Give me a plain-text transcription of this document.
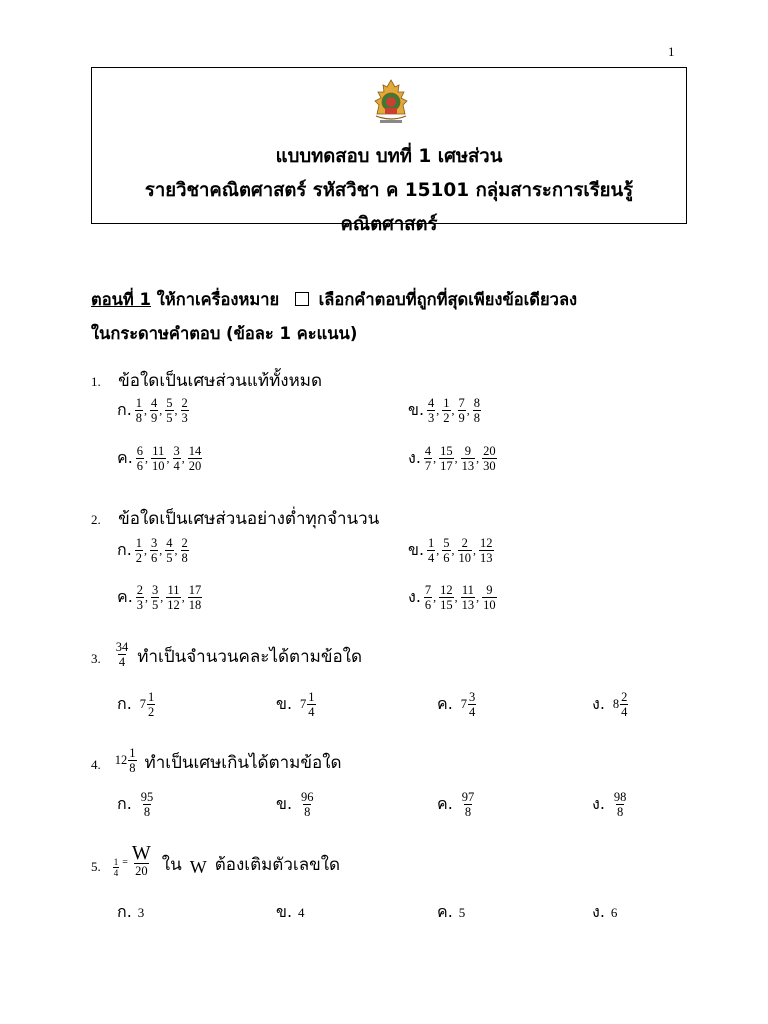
1
แบบทดสอบ บทที่ 1 เศษส่วน
รายวิชาคณิตศาสตร์ รหัสวิชา ค 15101 กลุ่มสาระการเรียนรู้
คณิตศาสตร์
ตอนที่ 1 ให้กาเครื่องหมาย เลือกคำตอบที่ถูกที่สุดเพียงข้อเดียวลง
ในกระดาษคำตอบ (ข้อละ 1 คะแนน)
1. ข้อใดเป็นเศษส่วนแท้ทั้งหมด
ก. $\frac{1}{8}$ , $\frac{4}{9}$ , $\frac{5}{5}$ , $\frac{2}{3}$	ข. $\frac{4}{3}$ , $\frac{1}{2}$ , $\frac{7}{9}$ , $\frac{8}{8}$
ค. $\frac{6}{6}$ , $\frac{11}{10}$ , $\frac{3}{4}$ , $\frac{14}{20}$	ง. $\frac{4}{7}$ , $\frac{15}{17}$ , $\frac{9}{13}$ , $\frac{20}{30}$
2. ข้อใดเป็นเศษส่วนอย่างต่ำทุกจำนวน
ก. $\frac{1}{2}$ , $\frac{3}{6}$ , $\frac{4}{5}$ , $\frac{2}{8}$	ข. $\frac{1}{4}$ , $\frac{5}{6}$ , $\frac{2}{10}$ , $\frac{12}{13}$
ค. $\frac{2}{3}$ , $\frac{3}{5}$ , $\frac{11}{12}$ , $\frac{17}{18}$	ง. $\frac{7}{6}$ , $\frac{12}{15}$ , $\frac{11}{13}$ , $\frac{9}{10}$
3. $\frac{34}{4}$ ทำเป็นจำนวนคละได้ตามข้อใด
ก. $7 \frac{1}{2}$	ข. $7 \frac{1}{4}$	ค. $7 \frac{3}{4}$	ง. $8 \frac{2}{4}$
4. $12 \frac{1}{8}$ ทำเป็นเศษเกินได้ตามข้อใด
ก. $\frac{95}{8}$	ข. $\frac{96}{8}$	ค. $\frac{97}{8}$	ง. $\frac{98}{8}$
5. $\frac{1}{4} = \frac{W}{20}$ ใน W ต้องเติมตัวเลขใด
ก. 3	ข. 4	ค. 5	ง. 6
